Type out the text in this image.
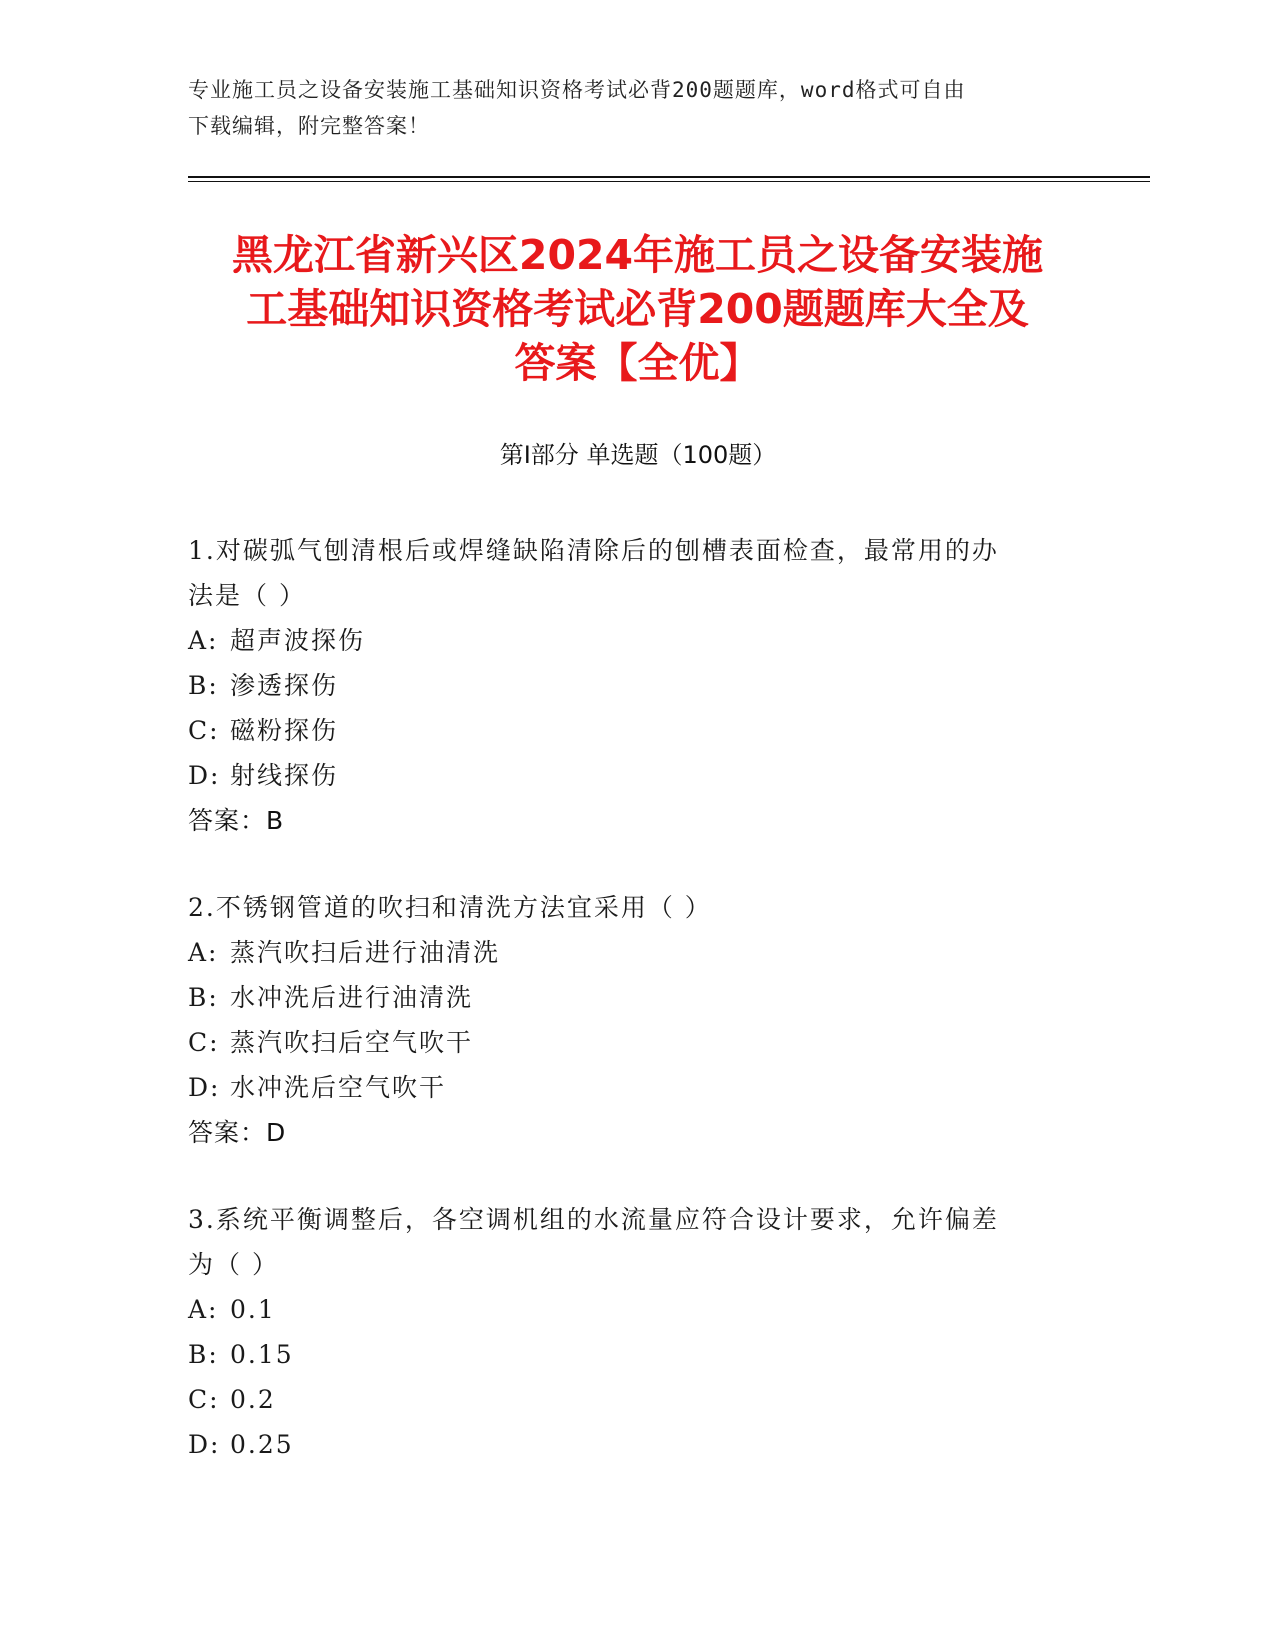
专业施工员之设备安装施工基础知识资格考试必背200题题库，word格式可自由
下载编辑，附完整答案！
黑龙江省新兴区2024年施工员之设备安装施
工基础知识资格考试必背200题题库大全及
答案【全优】
第Ⅰ部分 单选题（100题）
1.对碳弧气刨清根后或焊缝缺陷清除后的刨槽表面检查，最常用的办
法是（ ）
A: 超声波探伤
B: 渗透探伤
C: 磁粉探伤
D: 射线探伤
答案：B
2.不锈钢管道的吹扫和清洗方法宜采用（ ）
A: 蒸汽吹扫后进行油清洗
B: 水冲洗后进行油清洗
C: 蒸汽吹扫后空气吹干
D: 水冲洗后空气吹干
答案：D
3.系统平衡调整后，各空调机组的水流量应符合设计要求，允许偏差
为（ ）
A: 0.1
B: 0.15
C: 0.2
D: 0.25
